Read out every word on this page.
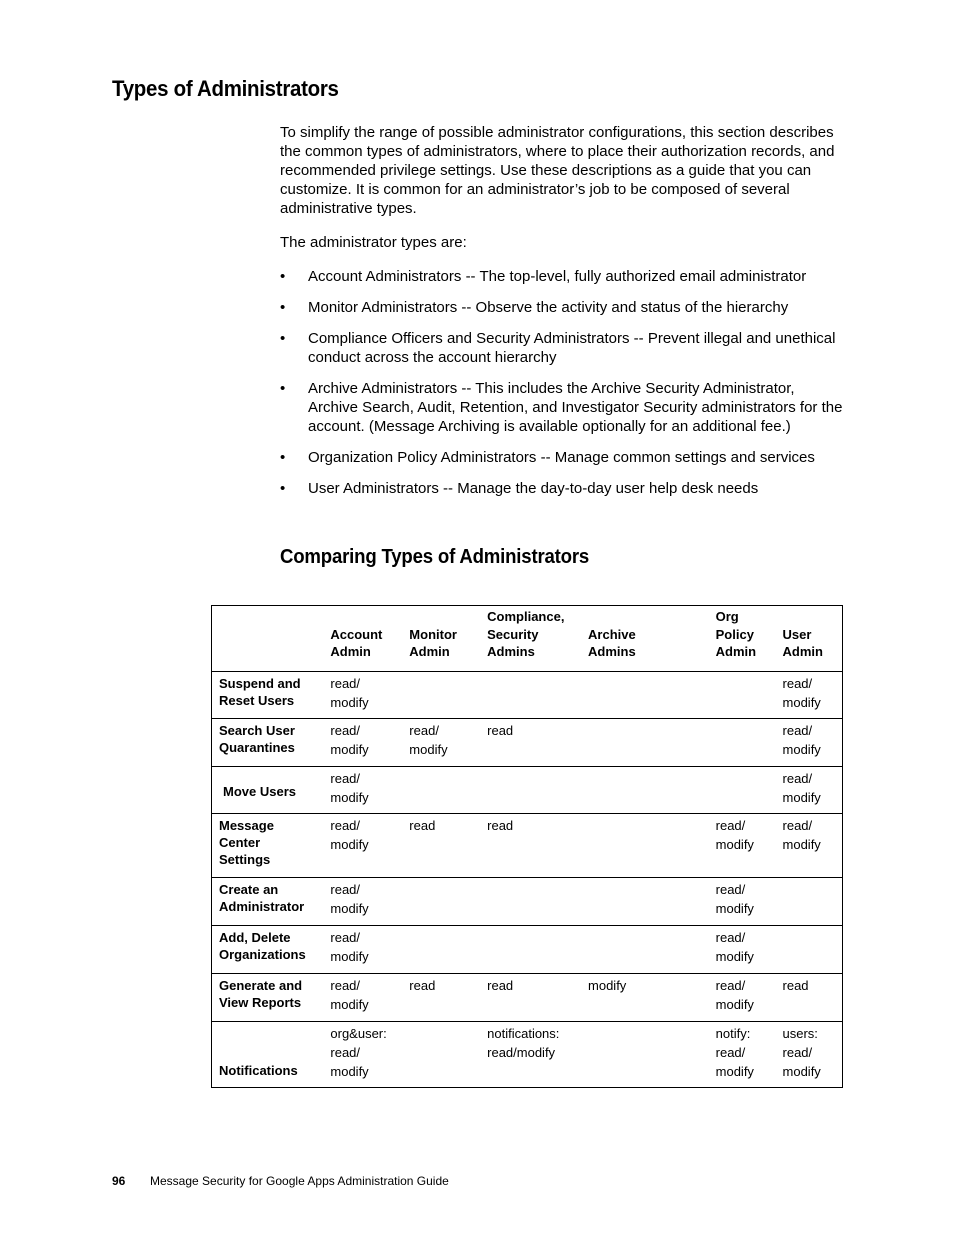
Types of Administrators

To simplify the range of possible administrator configurations, this section describes the common types of administrators, where to place their authorization records, and recommended privilege settings. Use these descriptions as a guide that you can customize. It is common for an administrator’s job to be composed of several administrative types.

The administrator types are:

• Account Administrators -- The top-level, fully authorized email administrator
• Monitor Administrators -- Observe the activity and status of the hierarchy
• Compliance Officers and Security Administrators -- Prevent illegal and unethical conduct across the account hierarchy
• Archive Administrators -- This includes the Archive Security Administrator, Archive Search, Audit, Retention, and Investigator Security administrators for the account. (Message Archiving is available optionally for an additional fee.)
• Organization Policy Administrators -- Manage common settings and services
• User Administrators -- Manage the day-to-day user help desk needs
Comparing Types of Administrators

	Account
Admin	Monitor
Admin	Compliance,
Security
Admins	Archive
Admins	Org
Policy
Admin	User
Admin

Suspend and
Reset Users	read/
modify					read/
modify

Search User
Quarantines	read/
modify	read/
modify	read			read/
modify

Move Users	read/
modify					read/
modify

Message
Center
Settings	read/
modify	read	read		read/
modify	read/
modify

Create an
Administrator	read/
modify				read/
modify	

Add, Delete
Organizations	read/
modify				read/
modify	

Generate and
View Reports	read/
modify	read	read	modify	read/
modify	read

Notifications	org&user:
read/
modify		notifications:
read/modify		notify:
read/
modify	users:
read/
modify
96 Message Security for Google Apps Administration Guide
